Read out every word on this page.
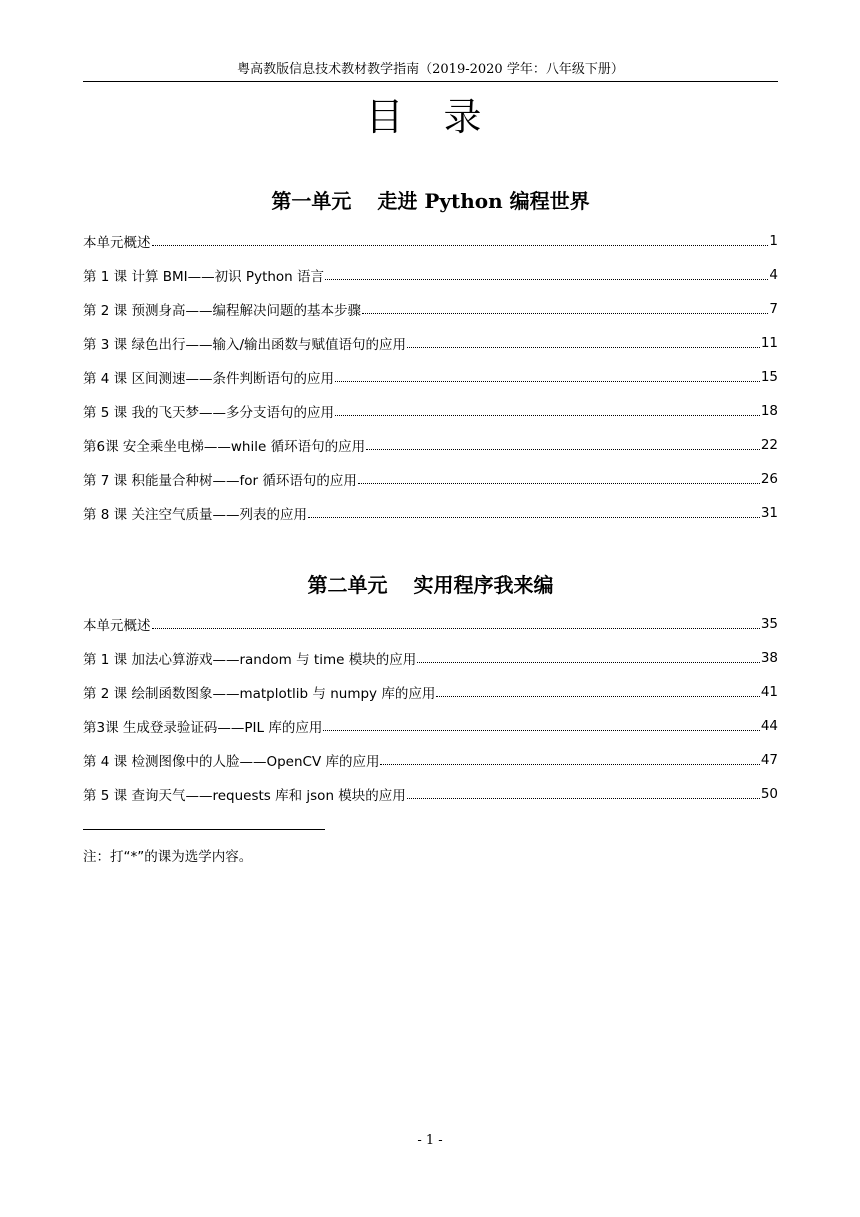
粤高教版信息技术教材教学指南（2019-2020 学年：八年级下册）
目 录
第一单元 走进 Python 编程世界
本单元概述	1
第 1 课 计算 BMI——初识 Python 语言	4
第 2 课 预测身高——编程解决问题的基本步骤	7
第 3 课 绿色出行——输入/输出函数与赋值语句的应用	11
第 4 课 区间测速——条件判断语句的应用	15
第 5 课 我的飞天梦——多分支语句的应用	18
第6课 安全乘坐电梯——while 循环语句的应用	22
第 7 课 积能量合种树——for 循环语句的应用	26
第 8 课 关注空气质量——列表的应用	31
第二单元 实用程序我来编
本单元概述	35
第 1 课 加法心算游戏——random 与 time 模块的应用	38
第 2 课 绘制函数图象——matplotlib 与 numpy 库的应用	41
第3课 生成登录验证码——PIL 库的应用	44
第 4 课 检测图像中的人脸——OpenCV 库的应用	47
第 5 课 查询天气——requests 库和 json 模块的应用	50
注：打“*”的课为选学内容。
- 1 -
